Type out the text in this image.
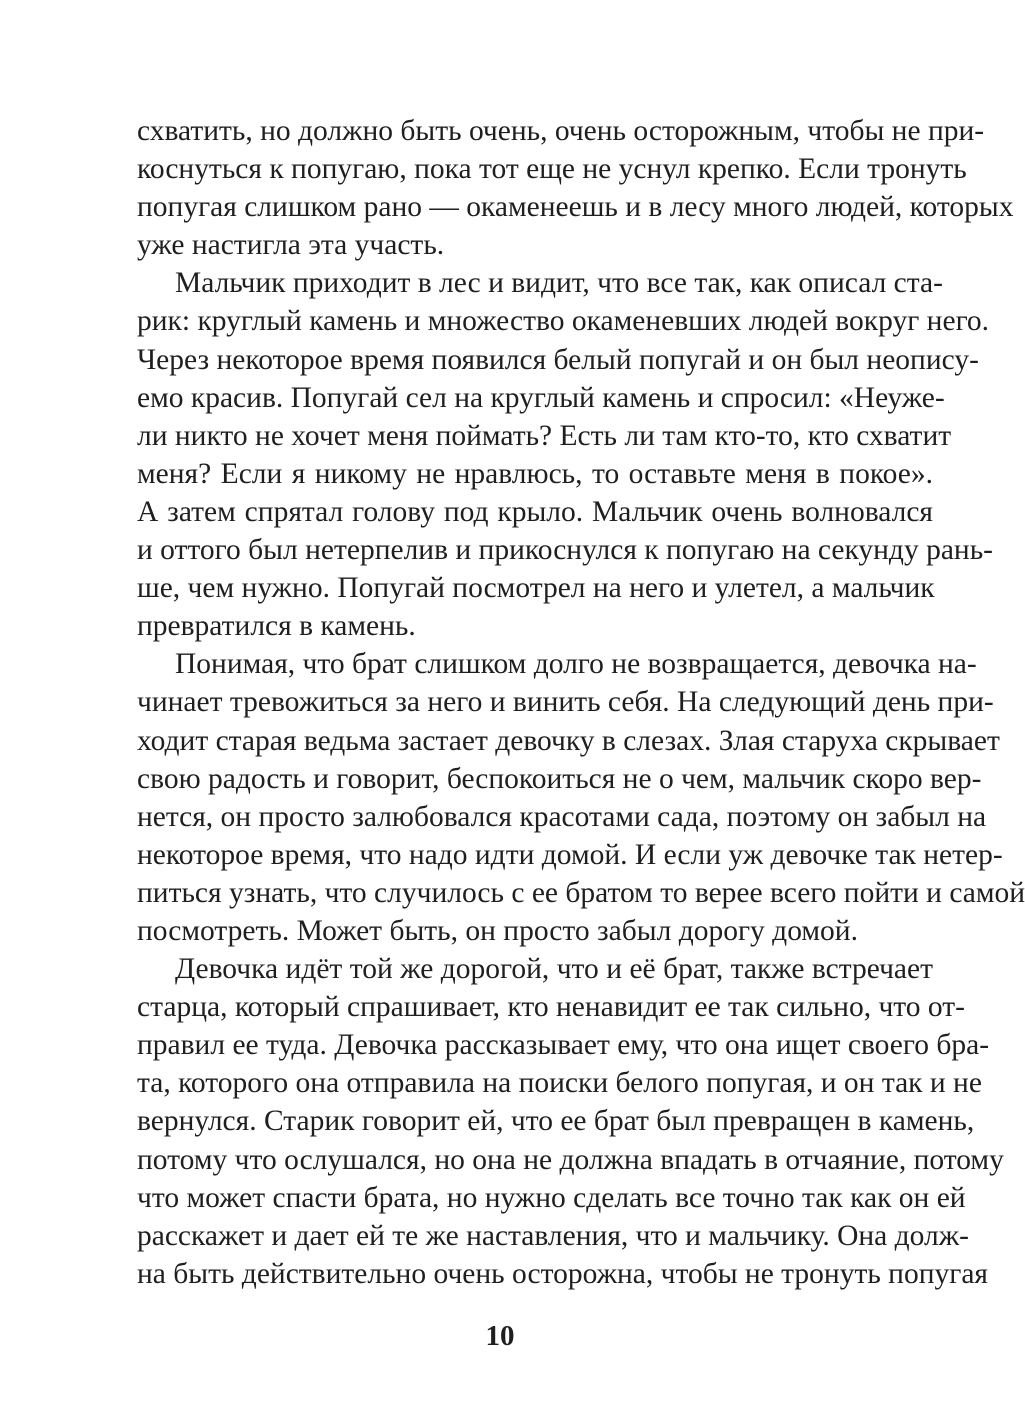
схватить, но должно быть очень, очень осторожным, чтобы не при-
коснуться к попугаю, пока тот еще не уснул крепко. Если тронуть
попугая слишком рано — окаменеешь и в лесу много людей, которых
уже настигла эта участь.
Мальчик приходит в лес и видит, что все так, как описал ста-
рик: круглый камень и множество окаменевших людей вокруг него.
Через некоторое время появился белый попугай и он был неопису-
емо красив. Попугай сел на круглый камень и спросил: «Неуже-
ли никто не хочет меня поймать? Есть ли там кто-то, кто схватит
меня? Если я никому не нравлюсь, то оставьте меня в покое».
А затем спрятал голову под крыло. Мальчик очень волновался
и оттого был нетерпелив и прикоснулся к попугаю на секунду рань-
ше, чем нужно. Попугай посмотрел на него и улетел, а мальчик
превратился в камень.
Понимая, что брат слишком долго не возвращается, девочка на-
чинает тревожиться за него и винить себя. На следующий день при-
ходит старая ведьма застает девочку в слезах. Злая старуха скрывает
свою радость и говорит, беспокоиться не о чем, мальчик скоро вер-
нется, он просто залюбовался красотами сада, поэтому он забыл на
некоторое время, что надо идти домой. И если уж девочке так нетер-
питься узнать, что случилось с ее братом то верее всего пойти и самой
посмотреть. Может быть, он просто забыл дорогу домой.
Девочка идёт той же дорогой, что и её брат, также встречает
старца, который спрашивает, кто ненавидит ее так сильно, что от-
правил ее туда. Девочка рассказывает ему, что она ищет своего бра-
та, которого она отправила на поиски белого попугая, и он так и не
вернулся. Старик говорит ей, что ее брат был превращен в камень,
потому что ослушался, но она не должна впадать в отчаяние, потому
что может спасти брата, но нужно сделать все точно так как он ей
расскажет и дает ей те же наставления, что и мальчику. Она долж-
на быть действительно очень осторожна, чтобы не тронуть попугая
10
